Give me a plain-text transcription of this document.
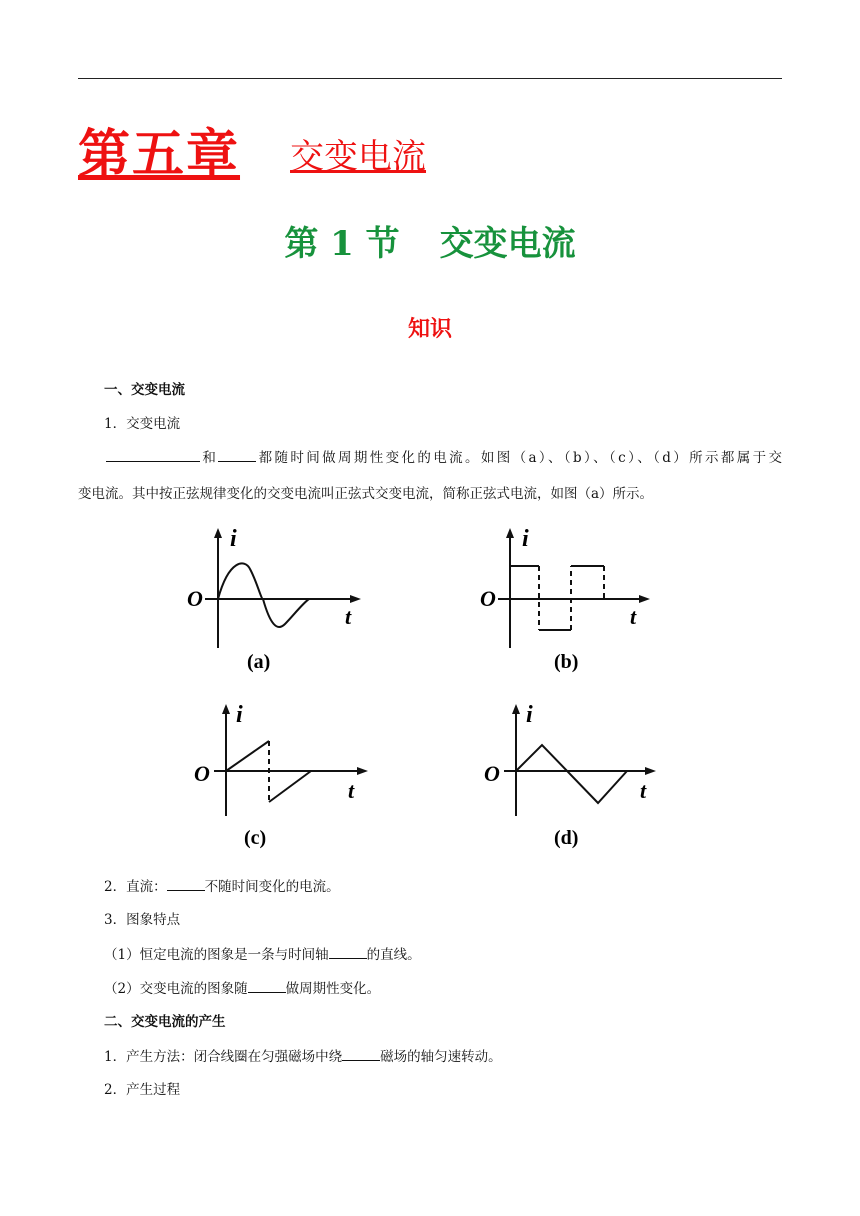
第五章 交变电流
第 1 节 交变电流
知识
一、交变电流
1．交变电流
和	都随时间做周期性变化的电流。如图（a）、（b）、（c）、（d）所示都属于交
变电流。其中按正弦规律变化的交变电流叫正弦式交变电流，简称正弦式电流，如图（a）所示。
i
O
t
(a)
i
O
t
(b)
i
O
t
(c)
i
O
t
(d)
2．直流：	不随时间变化的电流。
3．图象特点
（1）恒定电流的图象是一条与时间轴	的直线。
（2）交变电流的图象随	做周期性变化。
二、交变电流的产生
1．产生方法：闭合线圈在匀强磁场中绕	磁场的轴匀速转动。
2．产生过程
